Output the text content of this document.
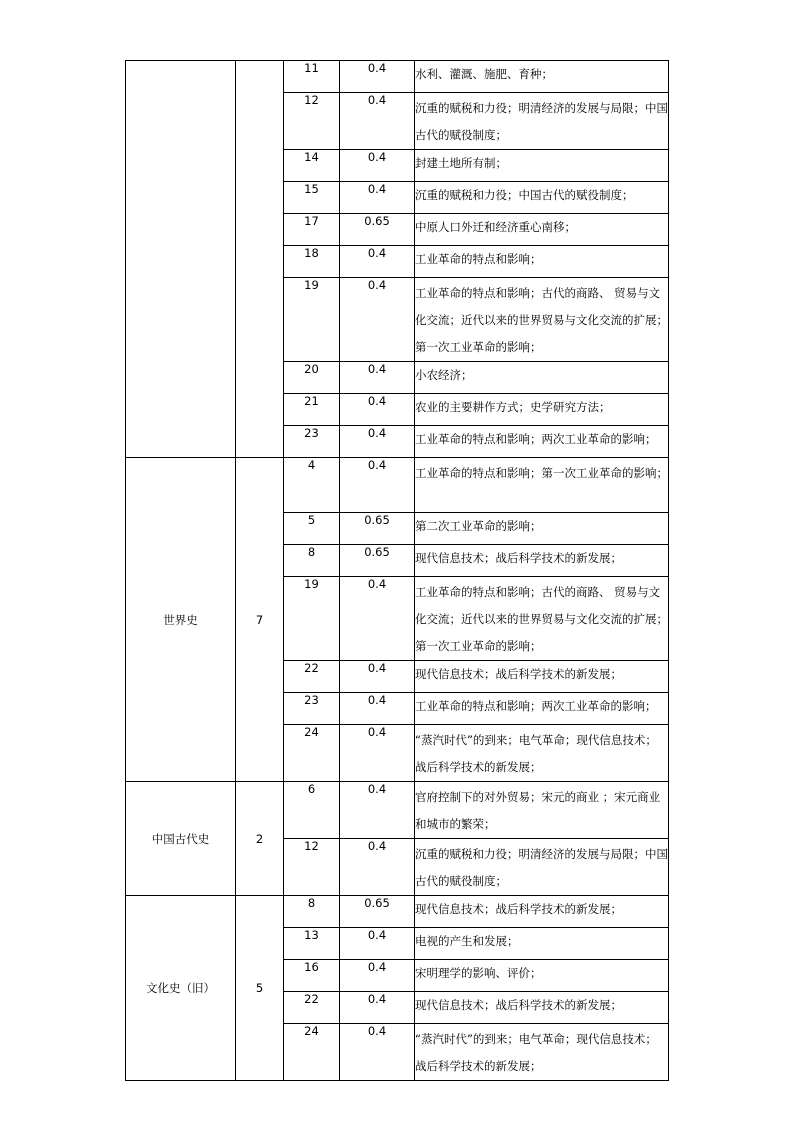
		11	0.4	水利、灌溉、施肥、育种；
		12	0.4	沉重的赋税和力役；明清经济的发展与局限；中国古代的赋役制度；
		14	0.4	封建土地所有制；
		15	0.4	沉重的赋税和力役；中国古代的赋役制度；
		17	0.65	中原人口外迁和经济重心南移；
		18	0.4	工业革命的特点和影响；
		19	0.4	工业革命的特点和影响；古代的商路、 贸易与文化交流；近代以来的世界贸易与文化交流的扩展；第一次工业革命的影响；
		20	0.4	小农经济；
		21	0.4	农业的主要耕作方式；史学研究方法；
		23	0.4	工业革命的特点和影响；两次工业革命的影响；
世界史	7	4	0.4	工业革命的特点和影响；第一次工业革命的影响；
		5	0.65	第二次工业革命的影响；
		8	0.65	现代信息技术；战后科学技术的新发展；
		19	0.4	工业革命的特点和影响；古代的商路、 贸易与文化交流；近代以来的世界贸易与文化交流的扩展；第一次工业革命的影响；
		22	0.4	现代信息技术；战后科学技术的新发展；
		23	0.4	工业革命的特点和影响；两次工业革命的影响；
		24	0.4	“蒸汽时代”的到来；电气革命；现代信息技术；战后科学技术的新发展；
中国古代史	2	6	0.4	官府控制下的对外贸易；宋元的商业 ；宋元商业和城市的繁荣；
		12	0.4	沉重的赋税和力役；明清经济的发展与局限；中国古代的赋役制度；
文化史（旧）	5	8	0.65	现代信息技术；战后科学技术的新发展；
		13	0.4	电视的产生和发展；
		16	0.4	宋明理学的影响、评价；
		22	0.4	现代信息技术；战后科学技术的新发展；
		24	0.4	“蒸汽时代”的到来；电气革命；现代信息技术；战后科学技术的新发展；
